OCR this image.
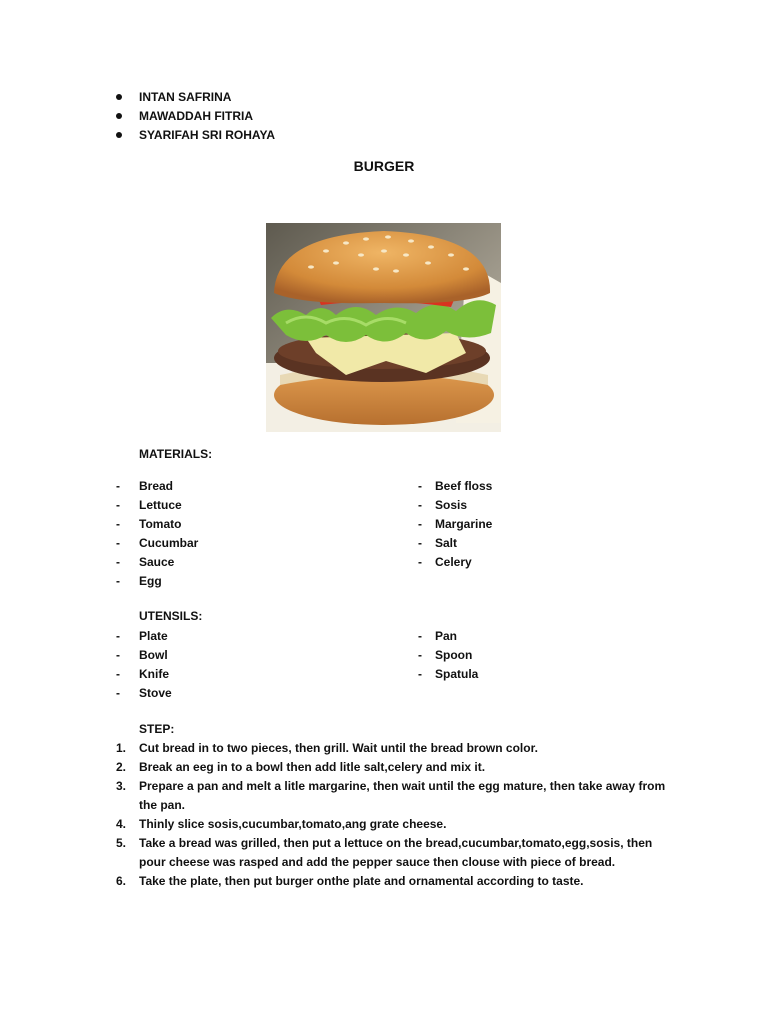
INTAN SAFRINA
MAWADDAH FITRIA
SYARIFAH SRI ROHAYA
BURGER
MATERIALS:
- Bread
- Lettuce
- Tomato
- Cucumbar
- Sauce
- Egg
- Beef floss
- Sosis
- Margarine
- Salt
- Celery
UTENSILS:
- Plate
- Bowl
- Knife
- Stove
- Pan
- Spoon
- Spatula
STEP:
1. Cut bread in to two pieces, then grill. Wait until the bread brown color.
2. Break an eeg in to a bowl then add litle salt,celery and mix it.
3. Prepare a pan and melt a litle margarine, then wait until the egg mature, then take away from the pan.
4. Thinly slice sosis,cucumbar,tomato,ang grate cheese.
5. Take a bread was grilled, then put a lettuce on the bread,cucumbar,tomato,egg,sosis, then pour cheese was rasped and add the pepper sauce then clouse with piece of bread.
6. Take the plate, then put burger onthe plate and ornamental according to taste.
